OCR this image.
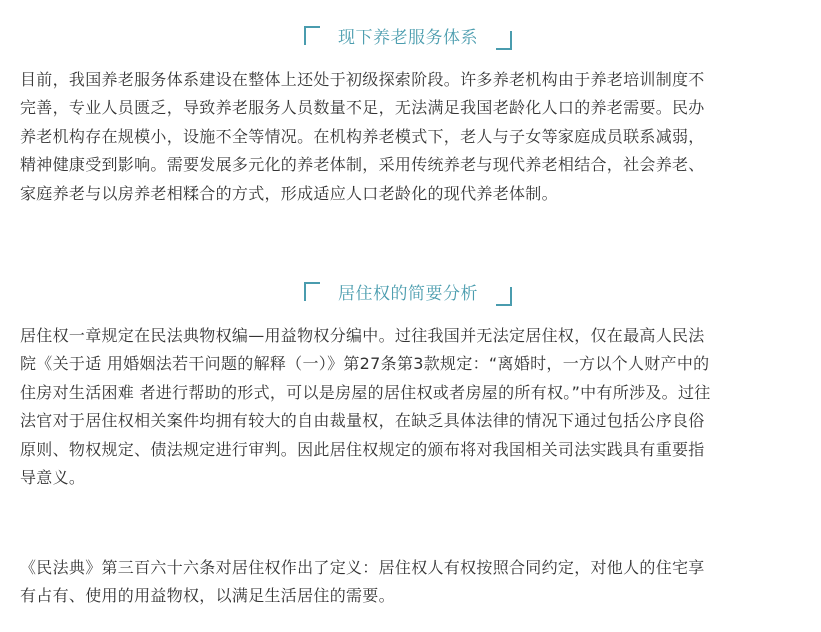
现下养老服务体系

目前，我国养老服务体系建设在整体上还处于初级探索阶段。许多养老机构由于养老培训制度不
完善，专业人员匮乏，导致养老服务人员数量不足，无法满足我国老龄化人口的养老需要。民办
养老机构存在规模小，设施不全等情况。在机构养老模式下，老人与子女等家庭成员联系减弱，
精神健康受到影响。需要发展多元化的养老体制，采用传统养老与现代养老相结合，社会养老、
家庭养老与以房养老相糅合的方式，形成适应人口老龄化的现代养老体制。

居住权的简要分析

居住权一章规定在民法典物权编—用益物权分编中。过往我国并无法定居住权，仅在最高人民法
院《关于适 用婚姻法若干问题的解释（一）》第27条第3款规定：“离婚时，一方以个人财产中的
住房对生活困难 者进行帮助的形式，可以是房屋的居住权或者房屋的所有权。”中有所涉及。过往
法官对于居住权相关案件均拥有较大的自由裁量权，在缺乏具体法律的情况下通过包括公序良俗
原则、物权规定、债法规定进行审判。因此居住权规定的颁布将对我国相关司法实践具有重要指
导意义。

《民法典》第三百六十六条对居住权作出了定义：居住权人有权按照合同约定，对他人的住宅享
有占有、使用的用益物权，以满足生活居住的需要。
